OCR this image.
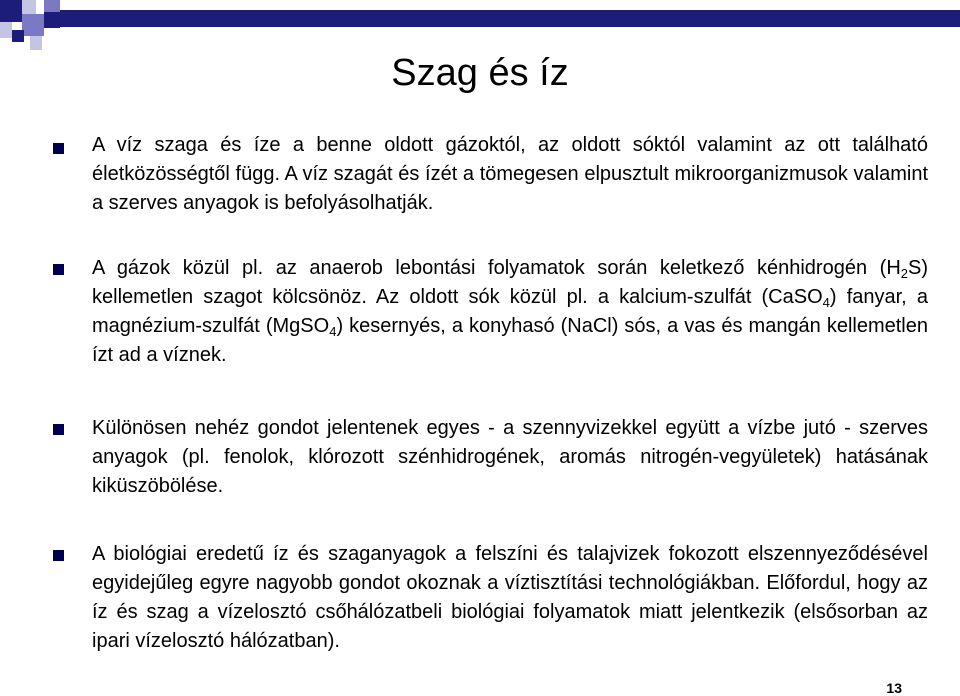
Szag és íz

A víz szaga és íze a benne oldott gázoktól, az oldott sóktól valamint az ott található életközösségtől függ. A víz szagát és ízét a tömegesen elpusztult mikroorganizmusok valamint a szerves anyagok is befolyásolhatják.

A gázok közül pl. az anaerob lebontási folyamatok során keletkező kénhidrogén $(H_2S)$ kellemetlen szagot kölcsönöz. Az oldott sók közül pl. a kalcium-szulfát (CaSO$_4$) fanyar, a magnézium-szulfát (MgSO$_4$) kesernyés, a konyhasó (NaCl) sós, a vas és mangán kellemetlen ízt ad a víznek.

Különösen nehéz gondot jelentenek egyes - a szennyvizekkel együtt a vízbe jutó - szerves anyagok (pl. fenolok, klórozott szénhidrogének, aromás nitrogén-vegyületek) hatásának kiküszöbölése.

A biológiai eredetű íz és szaganyagok a felszíni és talajvizek fokozott elszennyeződésével egyidejűleg egyre nagyobb gondot okoznak a víztisztítási technológiákban. Előfordul, hogy az íz és szag a vízelosztó csőhálózatbeli biológiai folyamatok miatt jelentkezik (elsősorban az ipari vízelosztó hálózatban).

13
